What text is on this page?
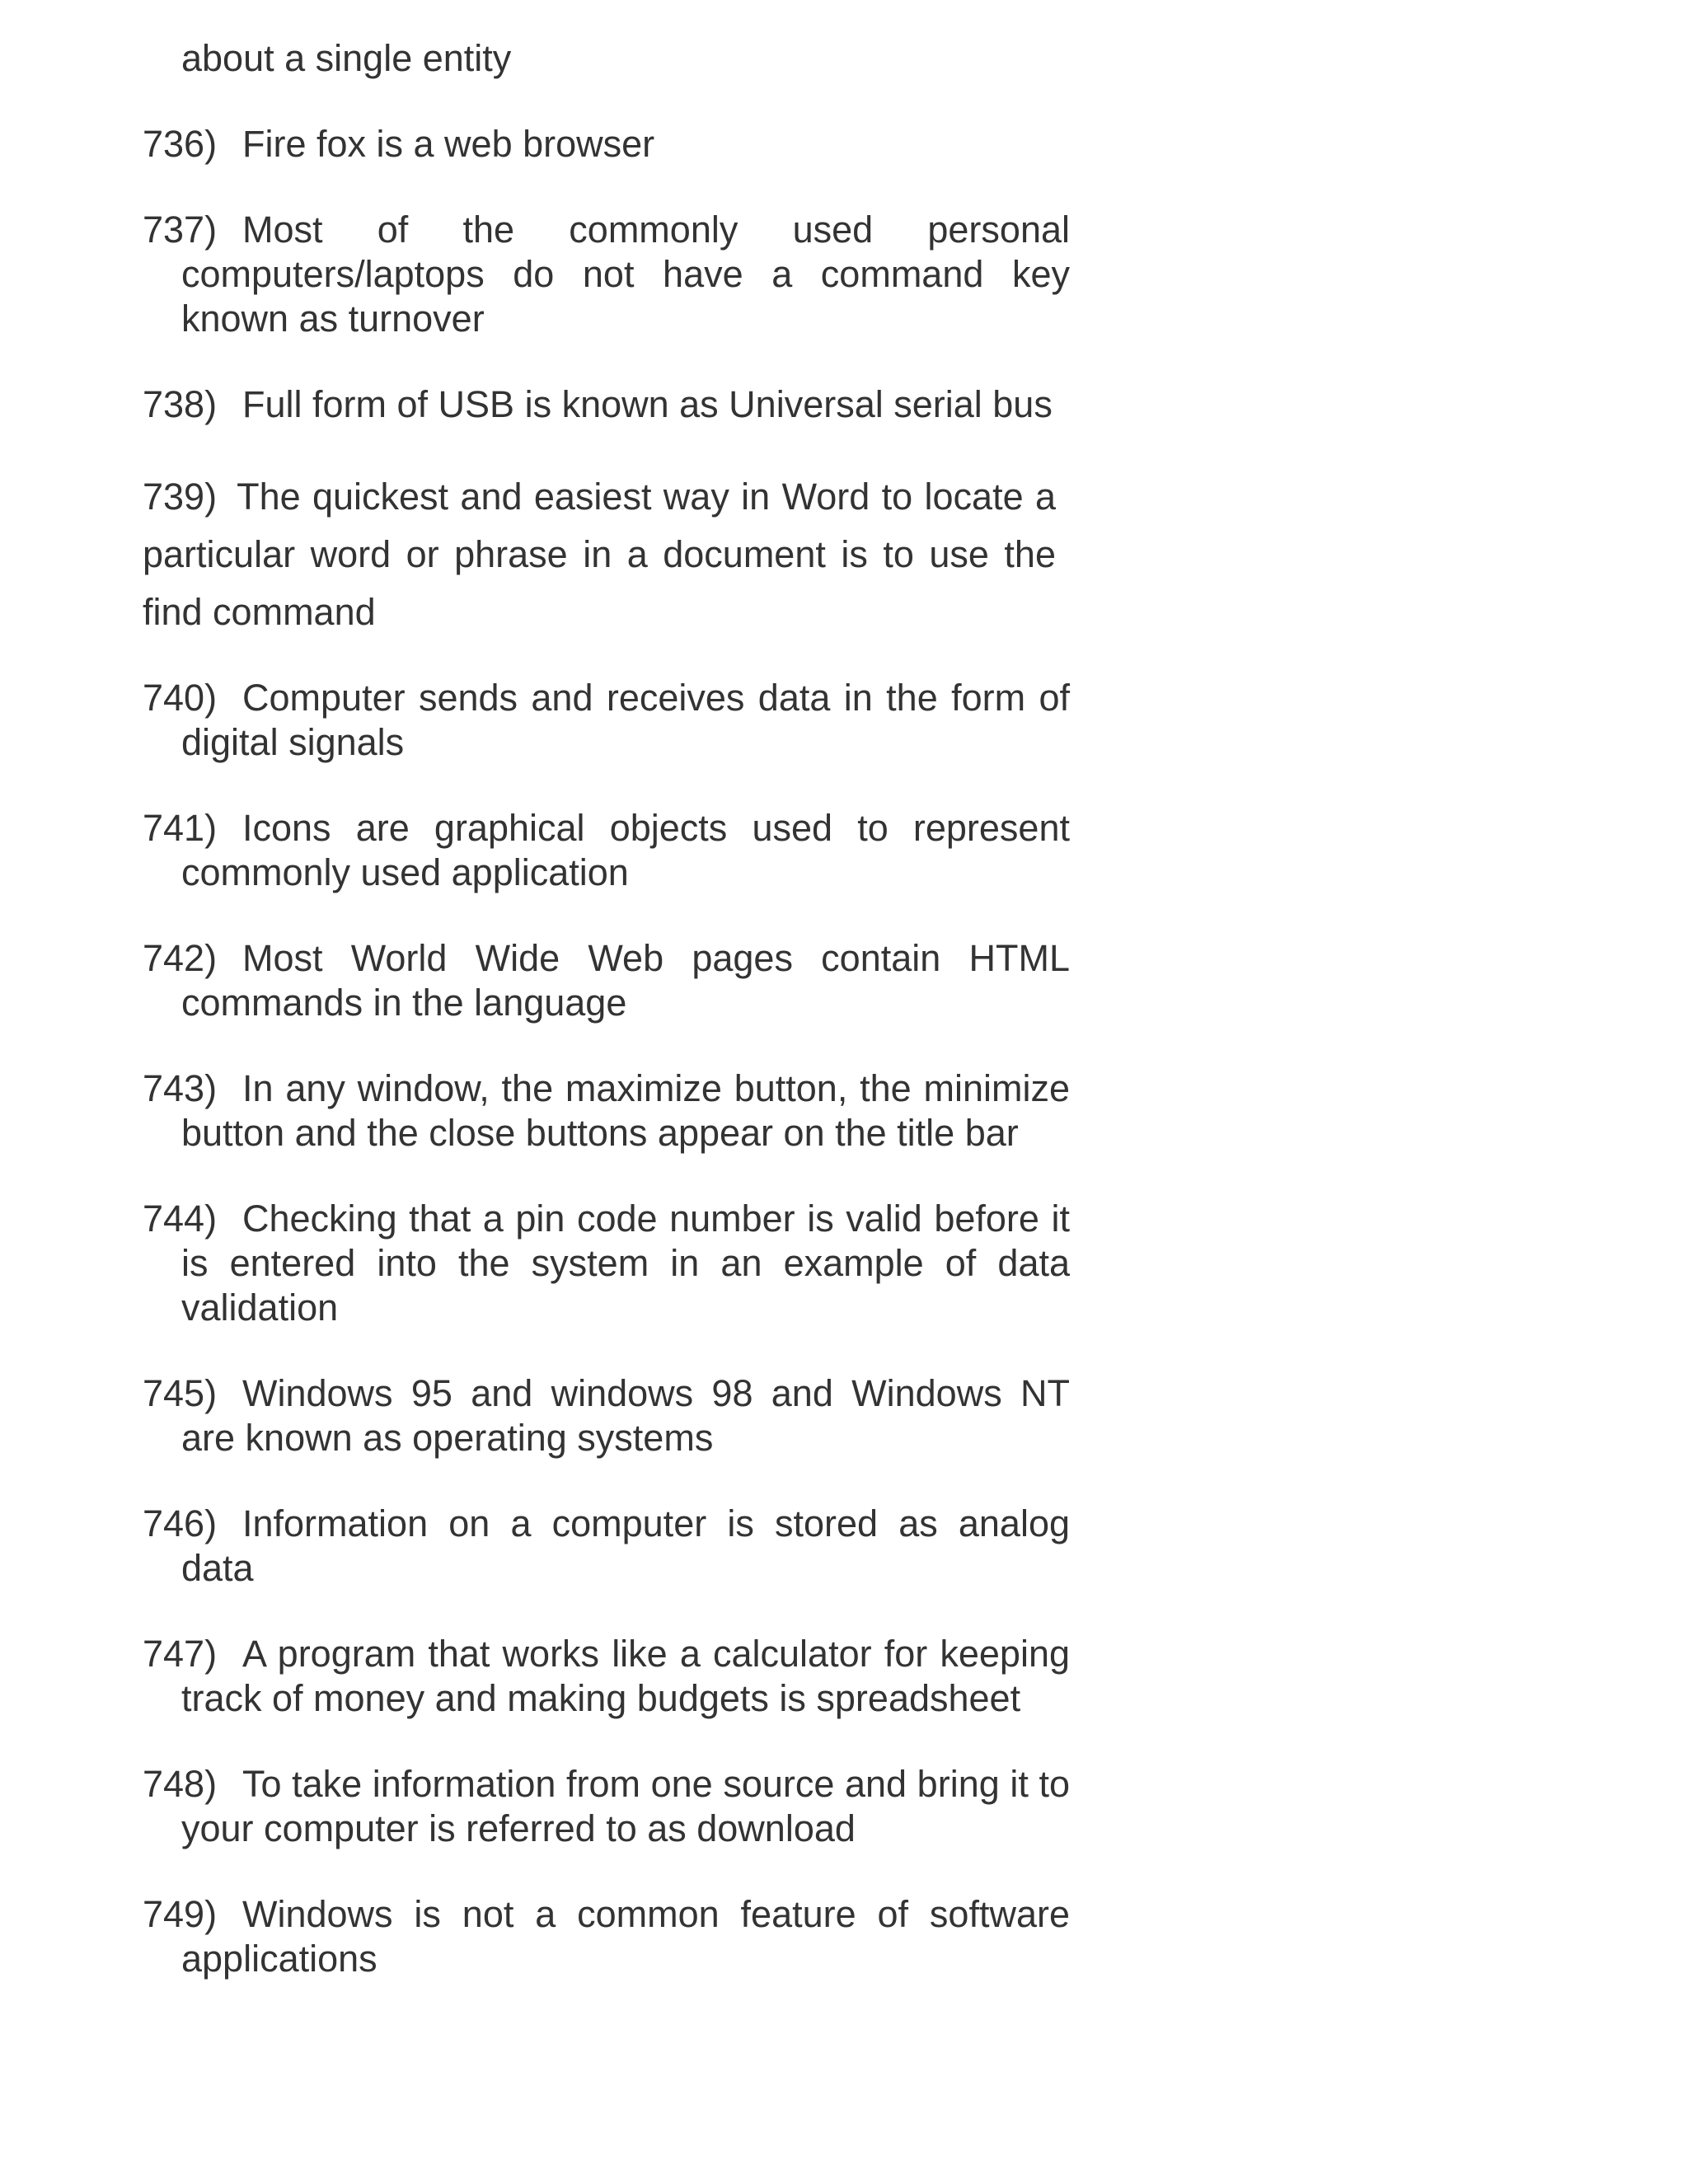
about a single entity
736) Fire fox is a web browser
737) Most of the commonly used personal computers/laptops do not have a command key known as turnover
738) Full form of USB is known as Universal serial bus
739) The quickest and easiest way in Word to locate a particular word or phrase in a document is to use the find command
740) Computer sends and receives data in the form of digital signals
741) Icons are graphical objects used to represent commonly used application
742) Most World Wide Web pages contain HTML commands in the language
743) In any window, the maximize button, the minimize button and the close buttons appear on the title bar
744) Checking that a pin code number is valid before it is entered into the system in an example of data validation
745) Windows 95 and windows 98 and Windows NT are known as operating systems
746) Information on a computer is stored as analog data
747) A program that works like a calculator for keeping track of money and making budgets is spreadsheet
748) To take information from one source and bring it to your computer is referred to as download
749) Windows is not a common feature of software applications
